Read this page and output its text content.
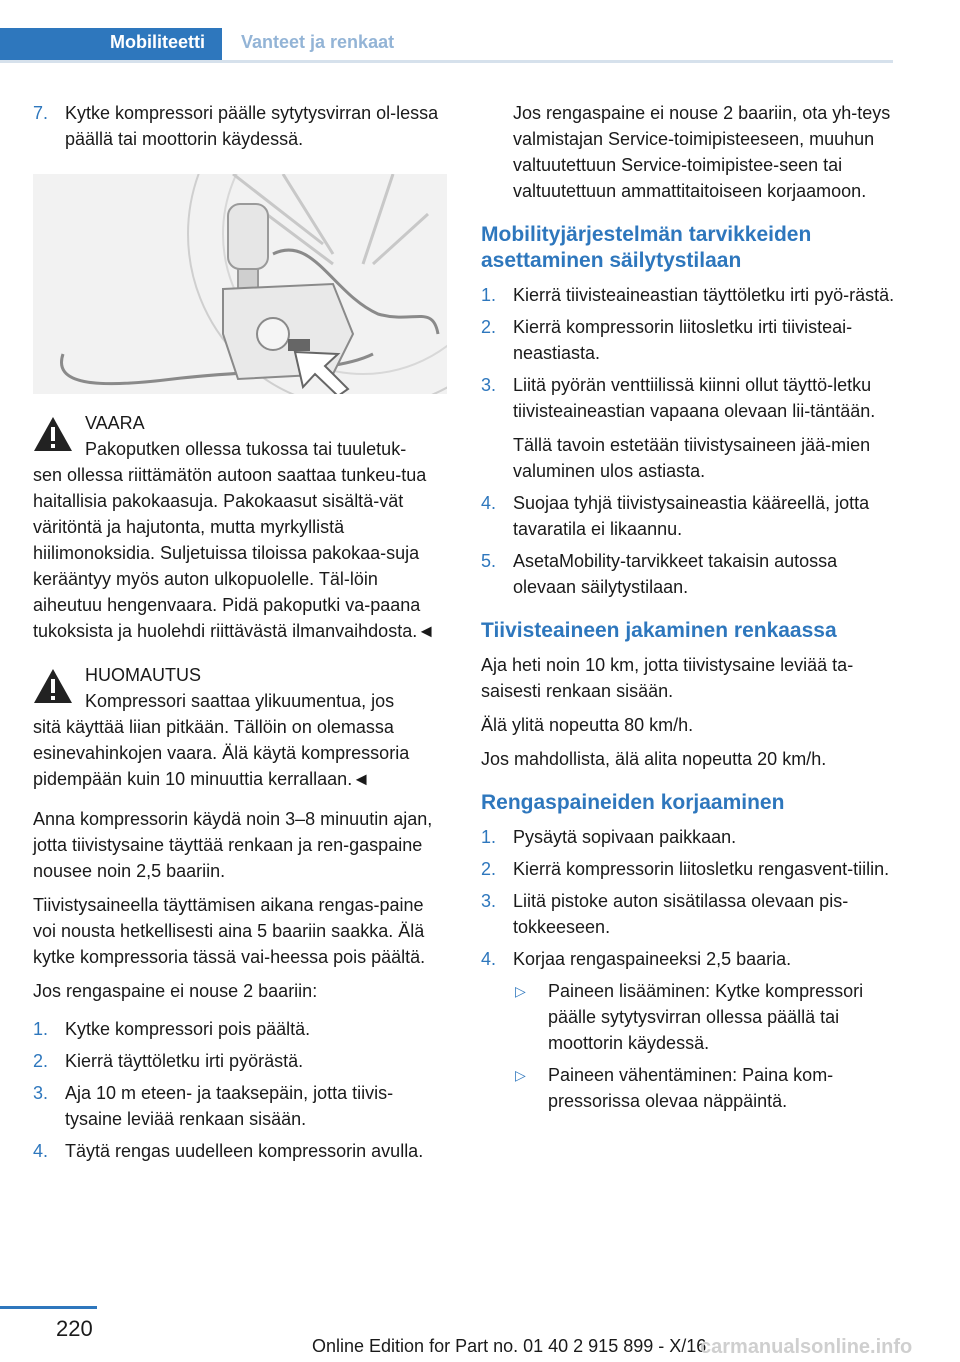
Mobiliteetti	Vanteet ja renkaat
7. Kytke kompressori päälle sytytysvirran ol‐lessa päällä tai moottorin käydessä.
VAARA
Pakoputken ollessa tukossa tai tuuletuk‐
sen ollessa riittämätön autoon saattaa tunkeu‐tua haitallisia pakokaasuja. Pakokaasut sisältä‐vät väritöntä ja hajutonta, mutta myrkyllistä hiilimonoksidia. Suljetuissa tiloissa pakokaa‐suja kerääntyy myös auton ulkopuolelle. Täl‐löin aiheutuu hengenvaara. Pidä pakoputki va‐paana tukoksista ja huolehdi riittävästä ilmanvaihdosta.◄
HUOMAUTUS
Kompressori saattaa ylikuumentua, jos
sitä käyttää liian pitkään. Tällöin on olemassa esinevahinkojen vaara. Älä käytä kompressoria pidempään kuin 10 minuuttia kerrallaan.◄

Anna kompressorin käydä noin 3–8 minuutin ajan, jotta tiivistysaine täyttää renkaan ja ren‐gaspaine nousee noin 2,5 baariin.

Tiivistysaineella täyttämisen aikana rengas‐paine voi nousta hetkellisesti aina 5 baariin saakka. Älä kytke kompressoria tässä vai‐heessa pois päältä.

Jos rengaspaine ei nouse 2 baariin:

1. Kytke kompressori pois päältä.
2. Kierrä täyttöletku irti pyörästä.
3. Aja 10 m eteen- ja taaksepäin, jotta tiivis‐tysaine leviää renkaan sisään.
4. Täytä rengas uudelleen kompressorin avulla.

Jos rengaspaine ei nouse 2 baariin, ota yh‐teys valmistajan Service-toimipisteeseen, muuhun valtuutettuun Service-toimipistee‐seen tai valtuutettuun ammattitaitoiseen korjaamoon.

Mobilityjärjestelmän tarvikkeiden asettaminen säilytystilaan
1. Kierrä tiivisteaineastian täyttöletku irti pyö‐rästä.
2. Kierrä kompressorin liitosletku irti tiivisteai‐neastiasta.
3. Liitä pyörän venttiilissä kiinni ollut täyttö‐letku tiivisteaineastian vapaana olevaan lii‐täntään.

Tällä tavoin estetään tiivistysaineen jää‐mien valuminen ulos astiasta.

4. Suojaa tyhjä tiivistysaineastia kääreellä, jotta tavaratila ei likaannu.
5. AsetaMobility-tarvikkeet takaisin autossa olevaan säilytystilaan.
Tiivisteaineen jakaminen renkaassa

Aja heti noin 10 km, jotta tiivistysaine leviää ta‐saisesti renkaan sisään.

Älä ylitä nopeutta 80 km/h.

Jos mahdollista, älä alita nopeutta 20 km/h.

Rengaspaineiden korjaaminen
1. Pysäytä sopivaan paikkaan.
2. Kierrä kompressorin liitosletku rengasvent‐tiilin.
3. Liitä pistoke auton sisätilassa olevaan pis‐tokkeeseen.
4. Korjaa rengaspaineeksi 2,5 baaria.
▷ Paineen lisääminen: Kytke kompressori päälle sytytysvirran ollessa päällä tai moottorin käydessä.
▷ Paineen vähentäminen: Paina kom‐pressorissa olevaa näppäintä.
220
Online Edition for Part no. 01 40 2 915 899 - X/16
carmanualsonline.info
